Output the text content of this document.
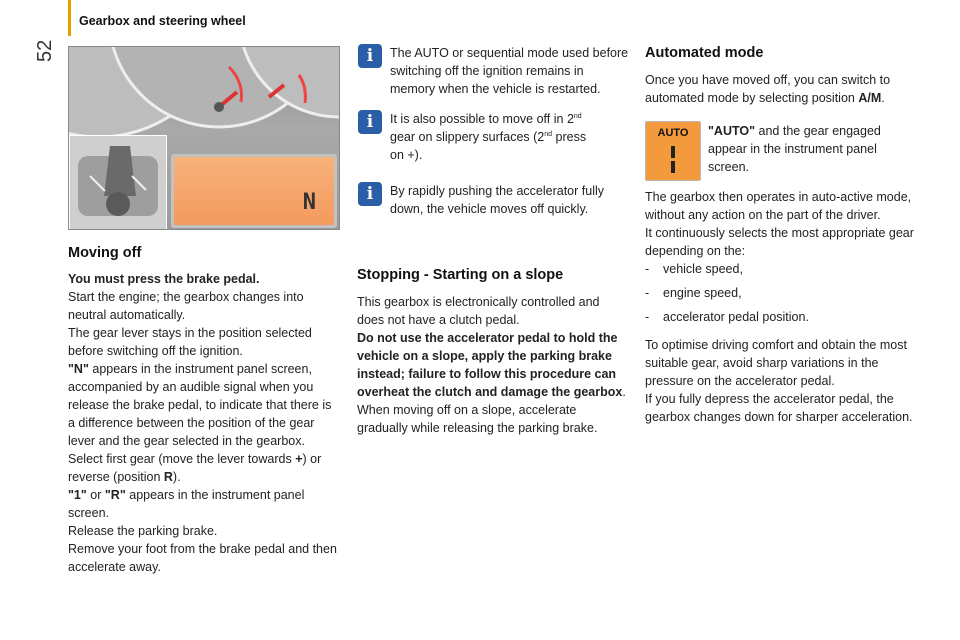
52
Gearbox and steering wheel
N

Moving off

You must press the brake pedal.

Start the engine; the gearbox changes into neutral automatically.

The gear lever stays in the position selected before switching off the ignition.

"N" appears in the instrument panel screen, accompanied by an audible signal when you release the brake pedal, to indicate that there is a difference between the position of the gear lever and the gear selected in the gearbox.

Select first gear (move the lever towards +) or reverse (position R).

"1" or "R" appears in the instrument panel screen.

Release the parking brake.

Remove your foot from the brake pedal and then accelerate away.

i	The AUTO or sequential mode used before switching off the ignition remains in memory when the vehicle is restarted.
i	It is also possible to move off in 2nd gear on slippery surfaces (2nd press on +).
i	By rapidly pushing the accelerator fully down, the vehicle moves off quickly.

Stopping - Starting on a slope

This gearbox is electronically controlled and does not have a clutch pedal.

Do not use the accelerator pedal to hold the vehicle on a slope, apply the parking brake instead; failure to follow this procedure can overheat the clutch and damage the gearbox.

When moving off on a slope, accelerate gradually while releasing the parking brake.

Automated mode

Once you have moved off, you can switch to automated mode by selecting position A/M.

AUTO	"AUTO" and the gear engaged appear in the instrument panel screen.

The gearbox then operates in auto-active mode, without any action on the part of the driver.

It continuously selects the most appropriate gear depending on the:

-	vehicle speed,
-	engine speed,
-	accelerator pedal position.

To optimise driving comfort and obtain the most suitable gear, avoid sharp variations in the pressure on the accelerator pedal.

If you fully depress the accelerator pedal, the gearbox changes down for sharper acceleration.
